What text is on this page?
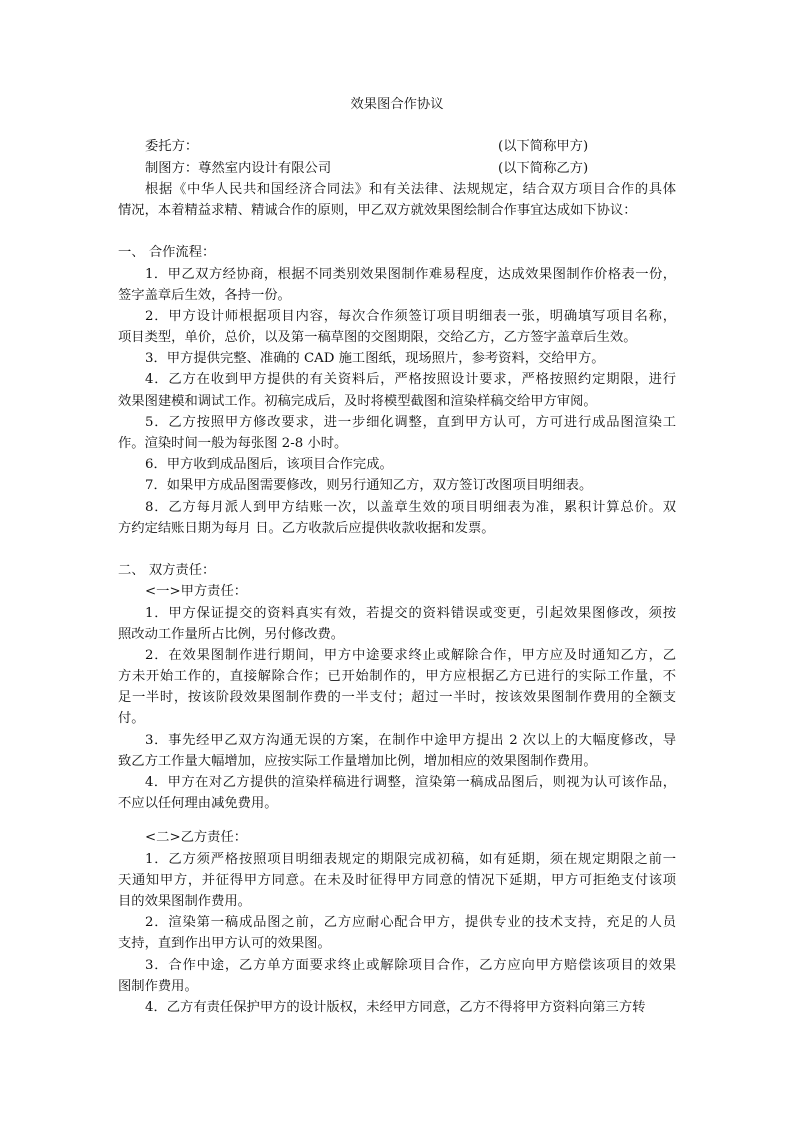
效果图合作协议
委托方：	(以下简称甲方)
制图方：尊然室内设计有限公司	(以下简称乙方)
根据《中华人民共和国经济合同法》和有关法律、法规规定，结合双方项目合作的具体
情况，本着精益求精、精诚合作的原则，甲乙双方就效果图绘制合作事宜达成如下协议：
一、 合作流程：
1．甲乙双方经协商，根据不同类别效果图制作难易程度，达成效果图制作价格表一份，
签字盖章后生效，各持一份。
2．甲方设计师根据项目内容，每次合作须签订项目明细表一张，明确填写项目名称，
项目类型，单价，总价，以及第一稿草图的交图期限，交给乙方，乙方签字盖章后生效。
3．甲方提供完整、准确的 CAD 施工图纸，现场照片，参考资料，交给甲方。
4．乙方在收到甲方提供的有关资料后，严格按照设计要求，严格按照约定期限，进行
效果图建模和调试工作。初稿完成后，及时将模型截图和渲染样稿交给甲方审阅。
5．乙方按照甲方修改要求，进一步细化调整，直到甲方认可，方可进行成品图渲染工
作。渲染时间一般为每张图 2-8 小时。
6．甲方收到成品图后，该项目合作完成。
7．如果甲方成品图需要修改，则另行通知乙方，双方签订改图项目明细表。
8．乙方每月派人到甲方结账一次，以盖章生效的项目明细表为准，累积计算总价。双
方约定结账日期为每月 日。乙方收款后应提供收款收据和发票。
二、 双方责任：
<一>甲方责任：
1．甲方保证提交的资料真实有效，若提交的资料错误或变更，引起效果图修改，须按
照改动工作量所占比例，另付修改费。
2．在效果图制作进行期间，甲方中途要求终止或解除合作，甲方应及时通知乙方，乙
方未开始工作的，直接解除合作；已开始制作的，甲方应根据乙方已进行的实际工作量，不
足一半时，按该阶段效果图制作费的一半支付；超过一半时，按该效果图制作费用的全额支
付。
3．事先经甲乙双方沟通无误的方案，在制作中途甲方提出 2 次以上的大幅度修改，导
致乙方工作量大幅增加，应按实际工作量增加比例，增加相应的效果图制作费用。
4．甲方在对乙方提供的渲染样稿进行调整，渲染第一稿成品图后，则视为认可该作品，
不应以任何理由减免费用。
<二>乙方责任：
1．乙方须严格按照项目明细表规定的期限完成初稿，如有延期，须在规定期限之前一
天通知甲方，并征得甲方同意。在未及时征得甲方同意的情况下延期，甲方可拒绝支付该项
目的效果图制作费用。
2．渲染第一稿成品图之前，乙方应耐心配合甲方，提供专业的技术支持，充足的人员
支持，直到作出甲方认可的效果图。
3．合作中途，乙方单方面要求终止或解除项目合作，乙方应向甲方赔偿该项目的效果
图制作费用。
4．乙方有责任保护甲方的设计版权，未经甲方同意，乙方不得将甲方资料向第三方转
